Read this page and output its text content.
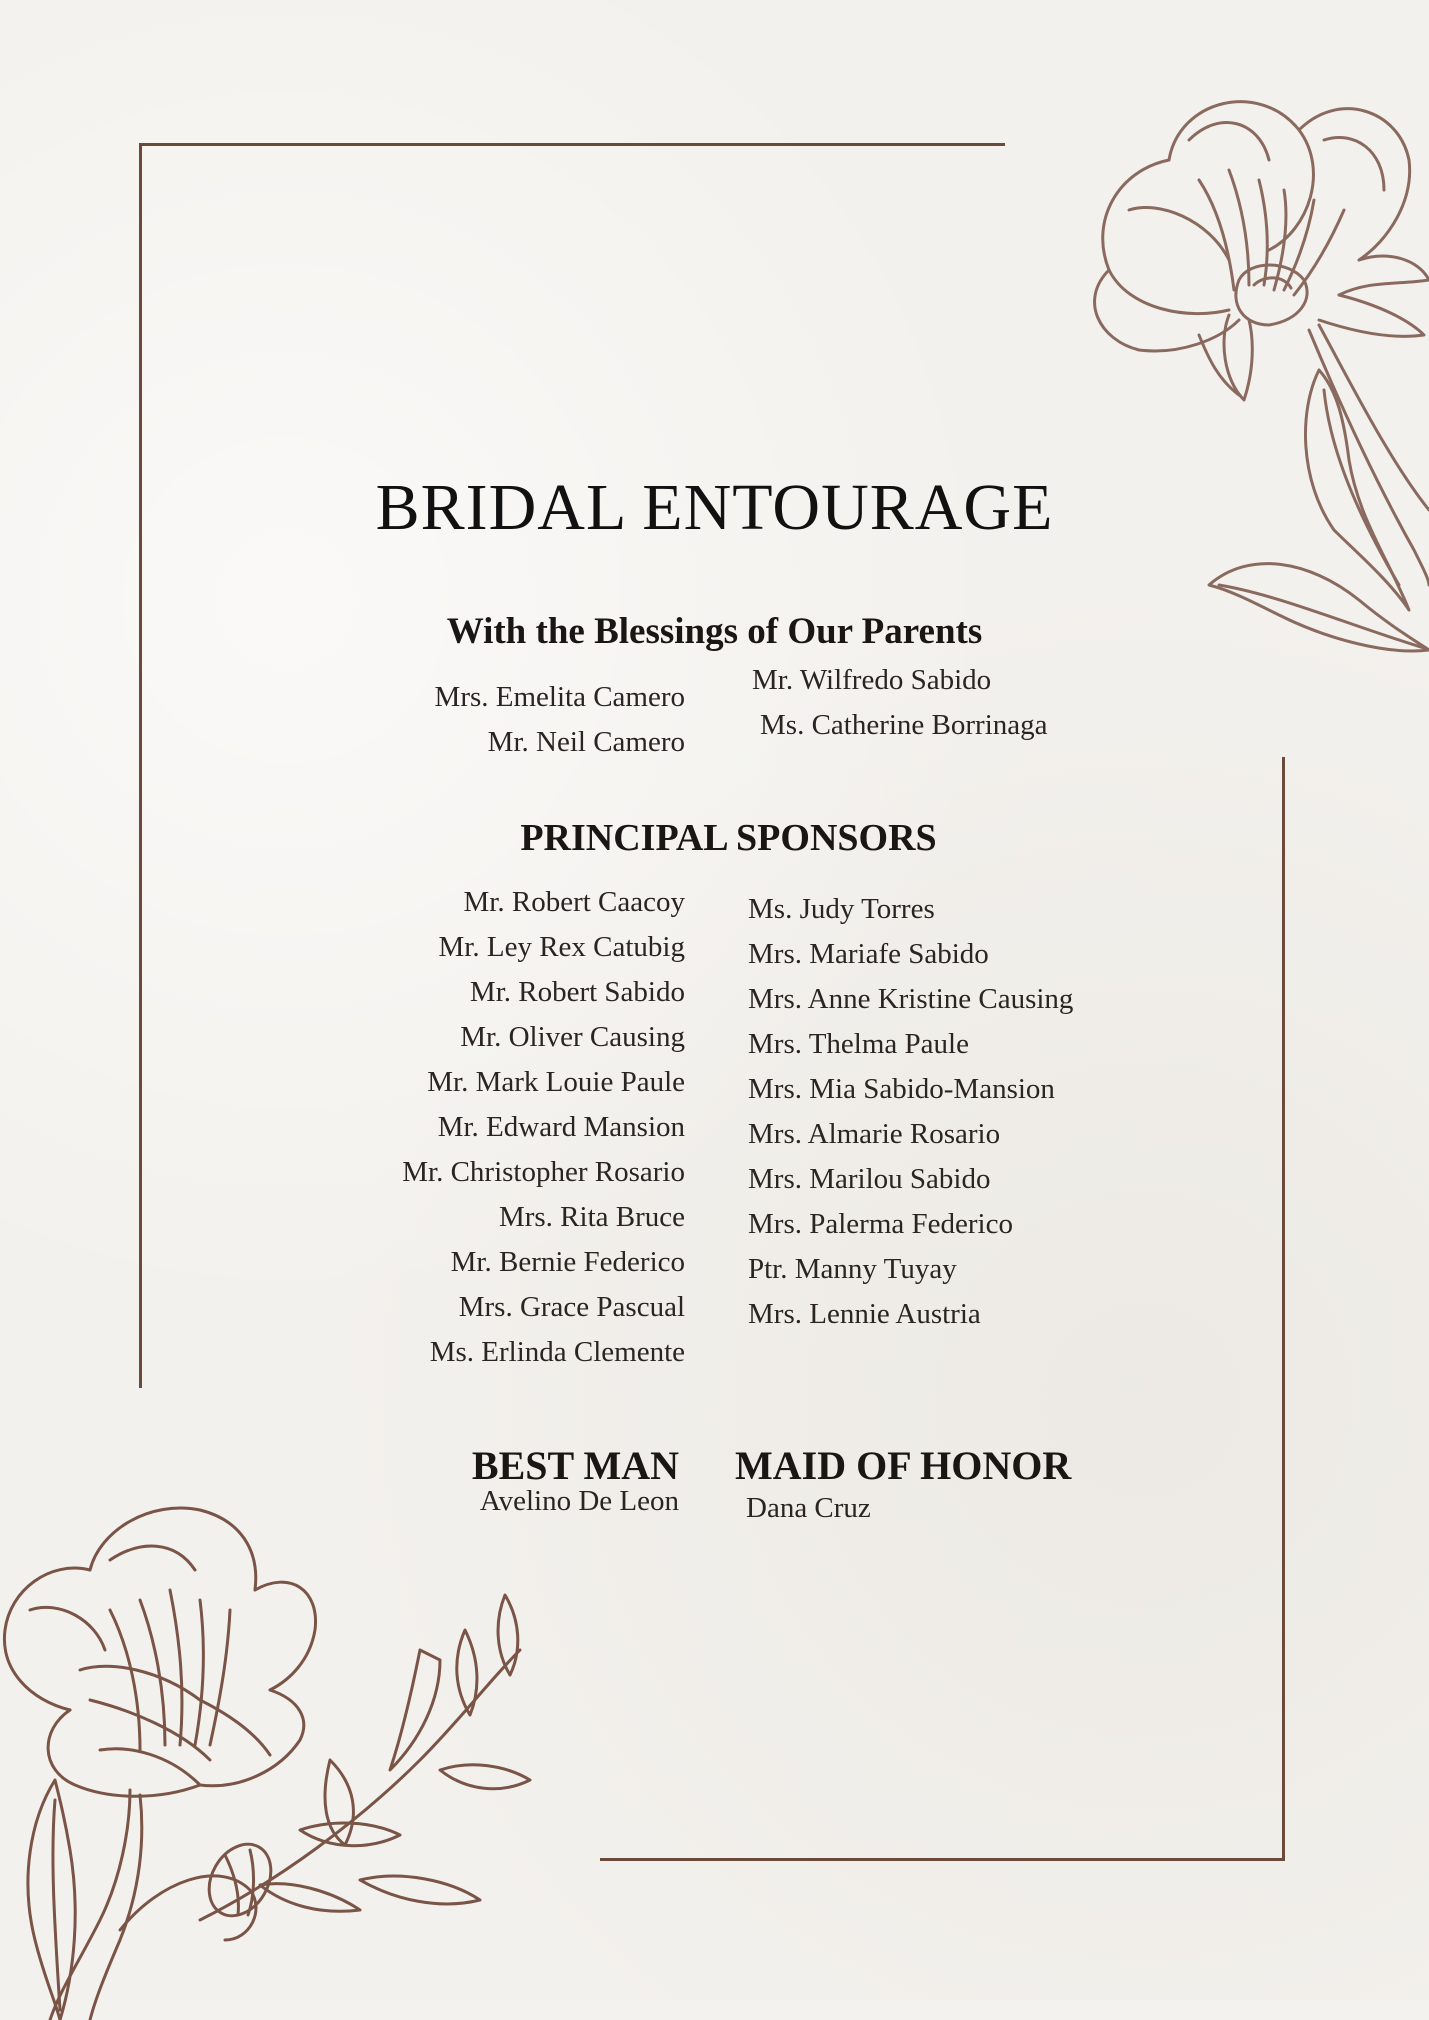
BRIDAL ENTOURAGE
With the Blessings of Our Parents
Mrs. Emelita Camero
Mr. Neil Camero
Mr. Wilfredo Sabido
Ms. Catherine Borrinaga
PRINCIPAL SPONSORS
Mr. Robert Caacoy
Mr. Ley Rex Catubig
Mr. Robert Sabido
Mr. Oliver Causing
Mr. Mark Louie Paule
Mr. Edward Mansion
Mr. Christopher Rosario
Mrs. Rita Bruce
Mr. Bernie Federico
Mrs. Grace Pascual
Ms. Erlinda Clemente
Ms. Judy Torres
Mrs. Mariafe Sabido
Mrs. Anne Kristine Causing
Mrs. Thelma Paule
Mrs. Mia Sabido-Mansion
Mrs. Almarie Rosario
Mrs. Marilou Sabido
Mrs. Palerma Federico
Ptr. Manny Tuyay
Mrs. Lennie Austria
BEST MAN
Avelino De Leon
MAID OF HONOR
Dana Cruz
